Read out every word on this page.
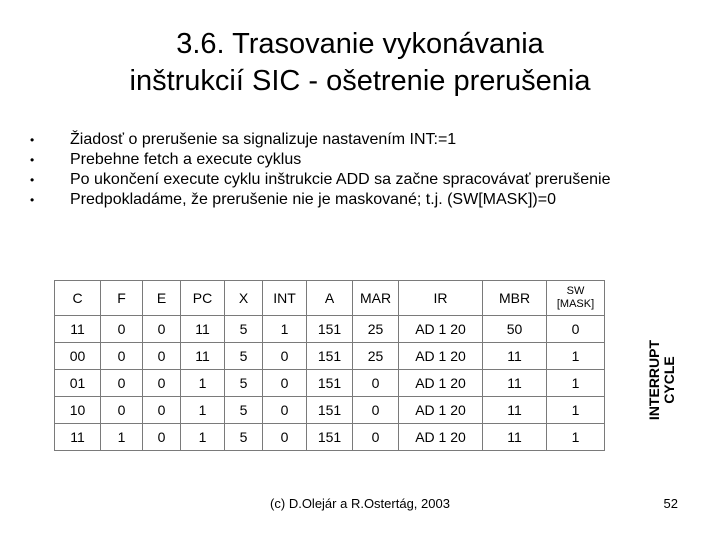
3.6. Trasovanie vykonávania
inštrukcií SIC - ošetrenie prerušenia
• Žiadosť o prerušenie sa signalizuje nastavením INT:=1
• Prebehne fetch a execute cyklus
• Po ukončení execute cyklu inštrukcie ADD sa začne spracovávať prerušenie
• Predpokladáme, že prerušenie nie je maskované; t.j. (SW[MASK])=0
C	F	E	PC	X	INT	A	MAR	IR	MBR	SW
[MASK]

11	0	0	11	5	1	151	25	AD 1 20	50	0
00	0	0	11	5	0	151	25	AD 1 20	11	1
01	0	0	1	5	0	151	0	AD 1 20	11	1
10	0	0	1	5	0	151	0	AD 1 20	11	1
11	1	0	1	5	0	151	0	AD 1 20	11	1
INTERRUPT CYCLE
(c) D.Olejár a R.Ostertág, 2003	52
